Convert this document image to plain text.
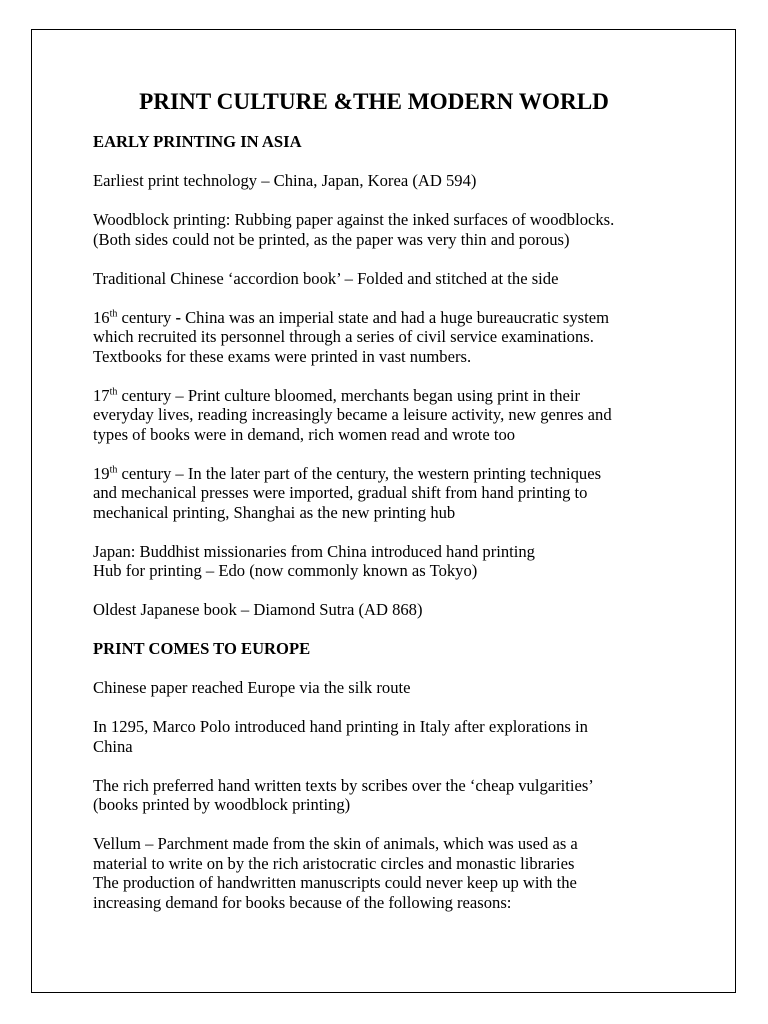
PRINT CULTURE &THE MODERN WORLD
EARLY PRINTING IN ASIA

Earliest print technology – China, Japan, Korea (AD 594)

Woodblock printing: Rubbing paper against the inked surfaces of woodblocks.
(Both sides could not be printed, as the paper was very thin and porous)

Traditional Chinese ‘accordion book’ – Folded and stitched at the side

16th century - China was an imperial state and had a huge bureaucratic system
which recruited its personnel through a series of civil service examinations.
Textbooks for these exams were printed in vast numbers.

17th century – Print culture bloomed, merchants began using print in their
everyday lives, reading increasingly became a leisure activity, new genres and
types of books were in demand, rich women read and wrote too

19th century – In the later part of the century, the western printing techniques
and mechanical presses were imported, gradual shift from hand printing to
mechanical printing, Shanghai as the new printing hub

Japan: Buddhist missionaries from China introduced hand printing
Hub for printing – Edo (now commonly known as Tokyo)

Oldest Japanese book – Diamond Sutra (AD 868)

PRINT COMES TO EUROPE

Chinese paper reached Europe via the silk route

In 1295, Marco Polo introduced hand printing in Italy after explorations in
China

The rich preferred hand written texts by scribes over the ‘cheap vulgarities’
(books printed by woodblock printing)

Vellum – Parchment made from the skin of animals, which was used as a
material to write on by the rich aristocratic circles and monastic libraries
The production of handwritten manuscripts could never keep up with the
increasing demand for books because of the following reasons:
